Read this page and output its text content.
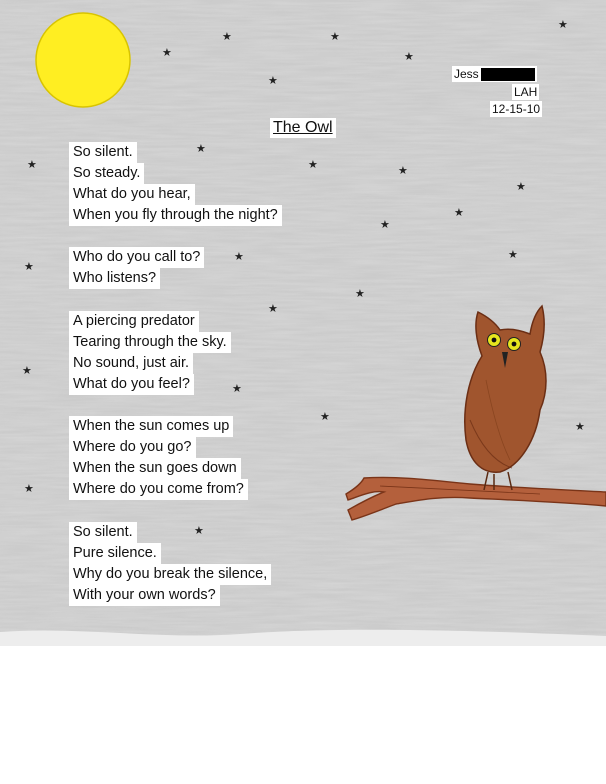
★
★
★
★
★
★
★
★
★	★
★
★
★
★
★	★
★
★
★
★
★
★
★
★
Jess
LAH
12-15-10
The Owl
So silent.
So steady.
What do you hear,
When you fly through the night?
Who do you call to?
Who listens?
A piercing predator
Tearing through the sky.
No sound, just air.
What do you feel?
When the sun comes up
Where do you go?
When the sun goes down
Where do you come from?
So silent.
Pure silence.
Why do you break the silence,
With your own words?
